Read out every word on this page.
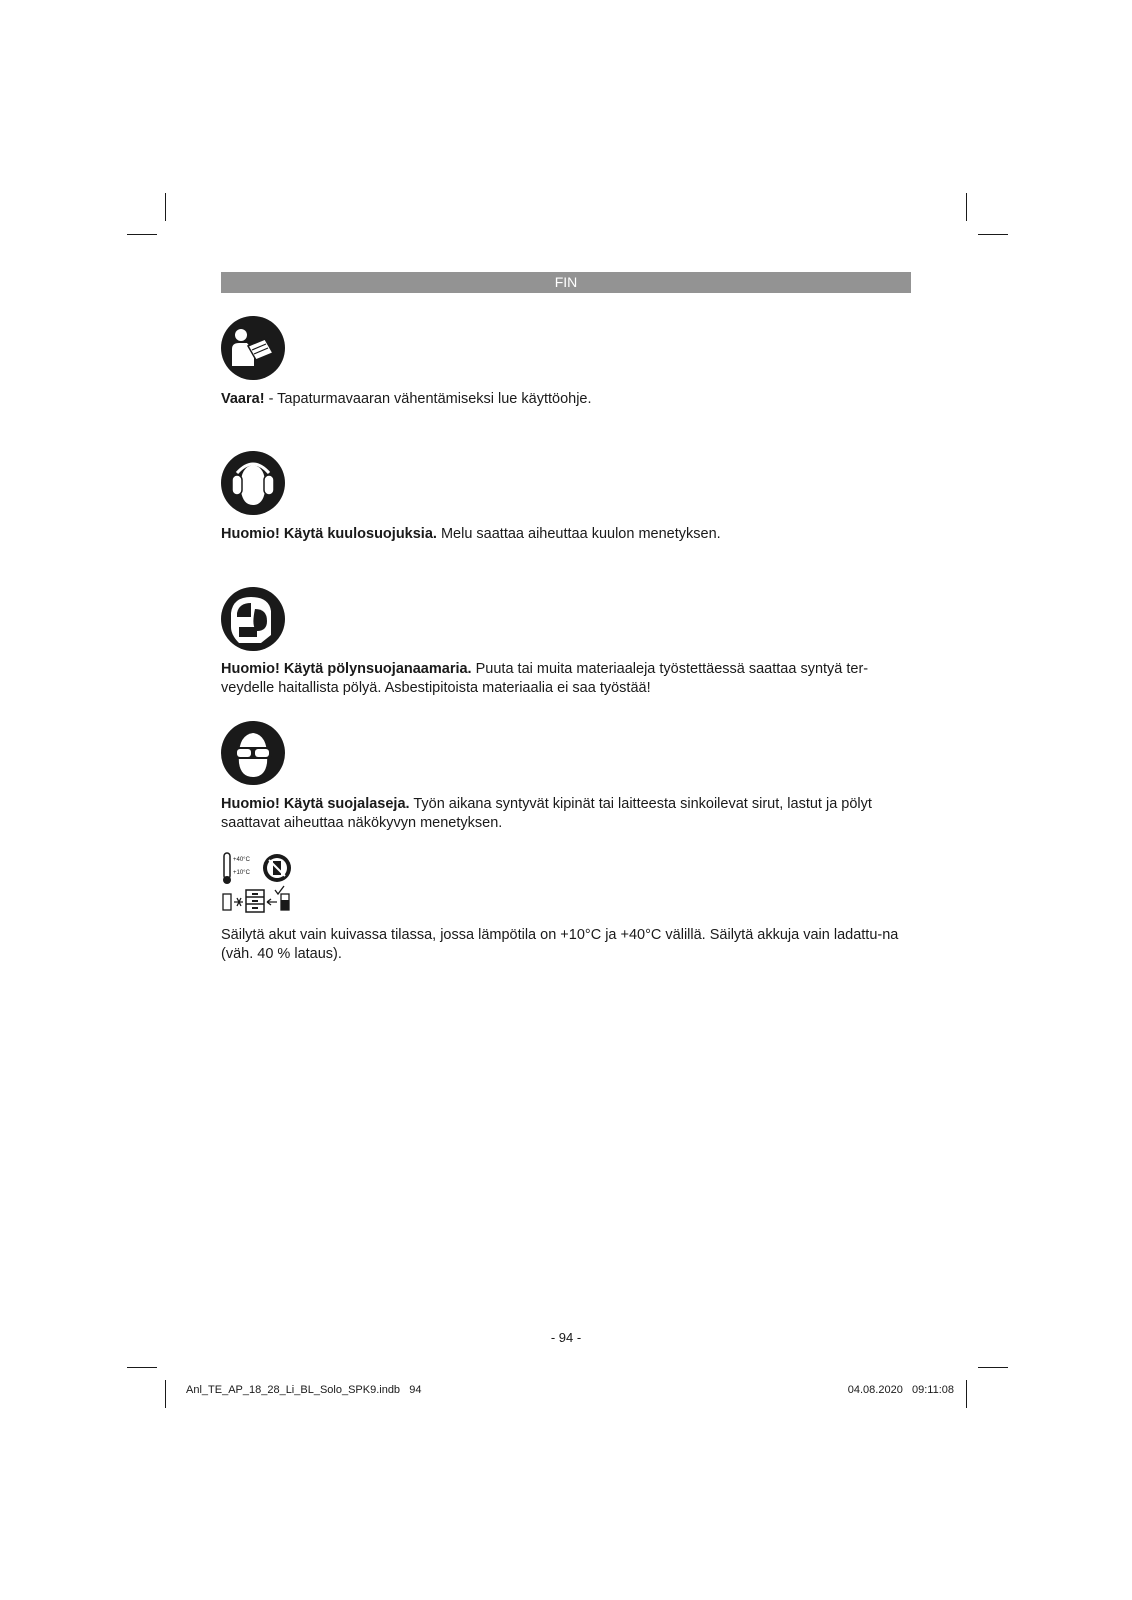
FIN

Vaara! - Tapaturmavaaran vähentämiseksi lue käyttöohje.

Huomio! Käytä kuulosuojuksia. Melu saattaa aiheuttaa kuulon menetyksen.

Huomio! Käytä pölynsuojanaamaria. Puuta tai muita materiaaleja työstettäessä saattaa syntyä ter-veydelle haitallista pölyä. Asbestipitoista materiaalia ei saa työstää!

Huomio! Käytä suojalaseja. Työn aikana syntyvät kipinät tai laitteesta sinkoilevat sirut, lastut ja pölyt saattavat aiheuttaa näkökyvyn menetyksen.

+40°C
+10°C

Säilytä akut vain kuivassa tilassa, jossa lämpötila on +10°C ja +40°C välillä. Säilytä akkuja vain ladattu-na (väh. 40 % lataus).

- 94 -
Anl_TE_AP_18_28_Li_BL_Solo_SPK9.indb   94	04.08.2020   09:11:08
